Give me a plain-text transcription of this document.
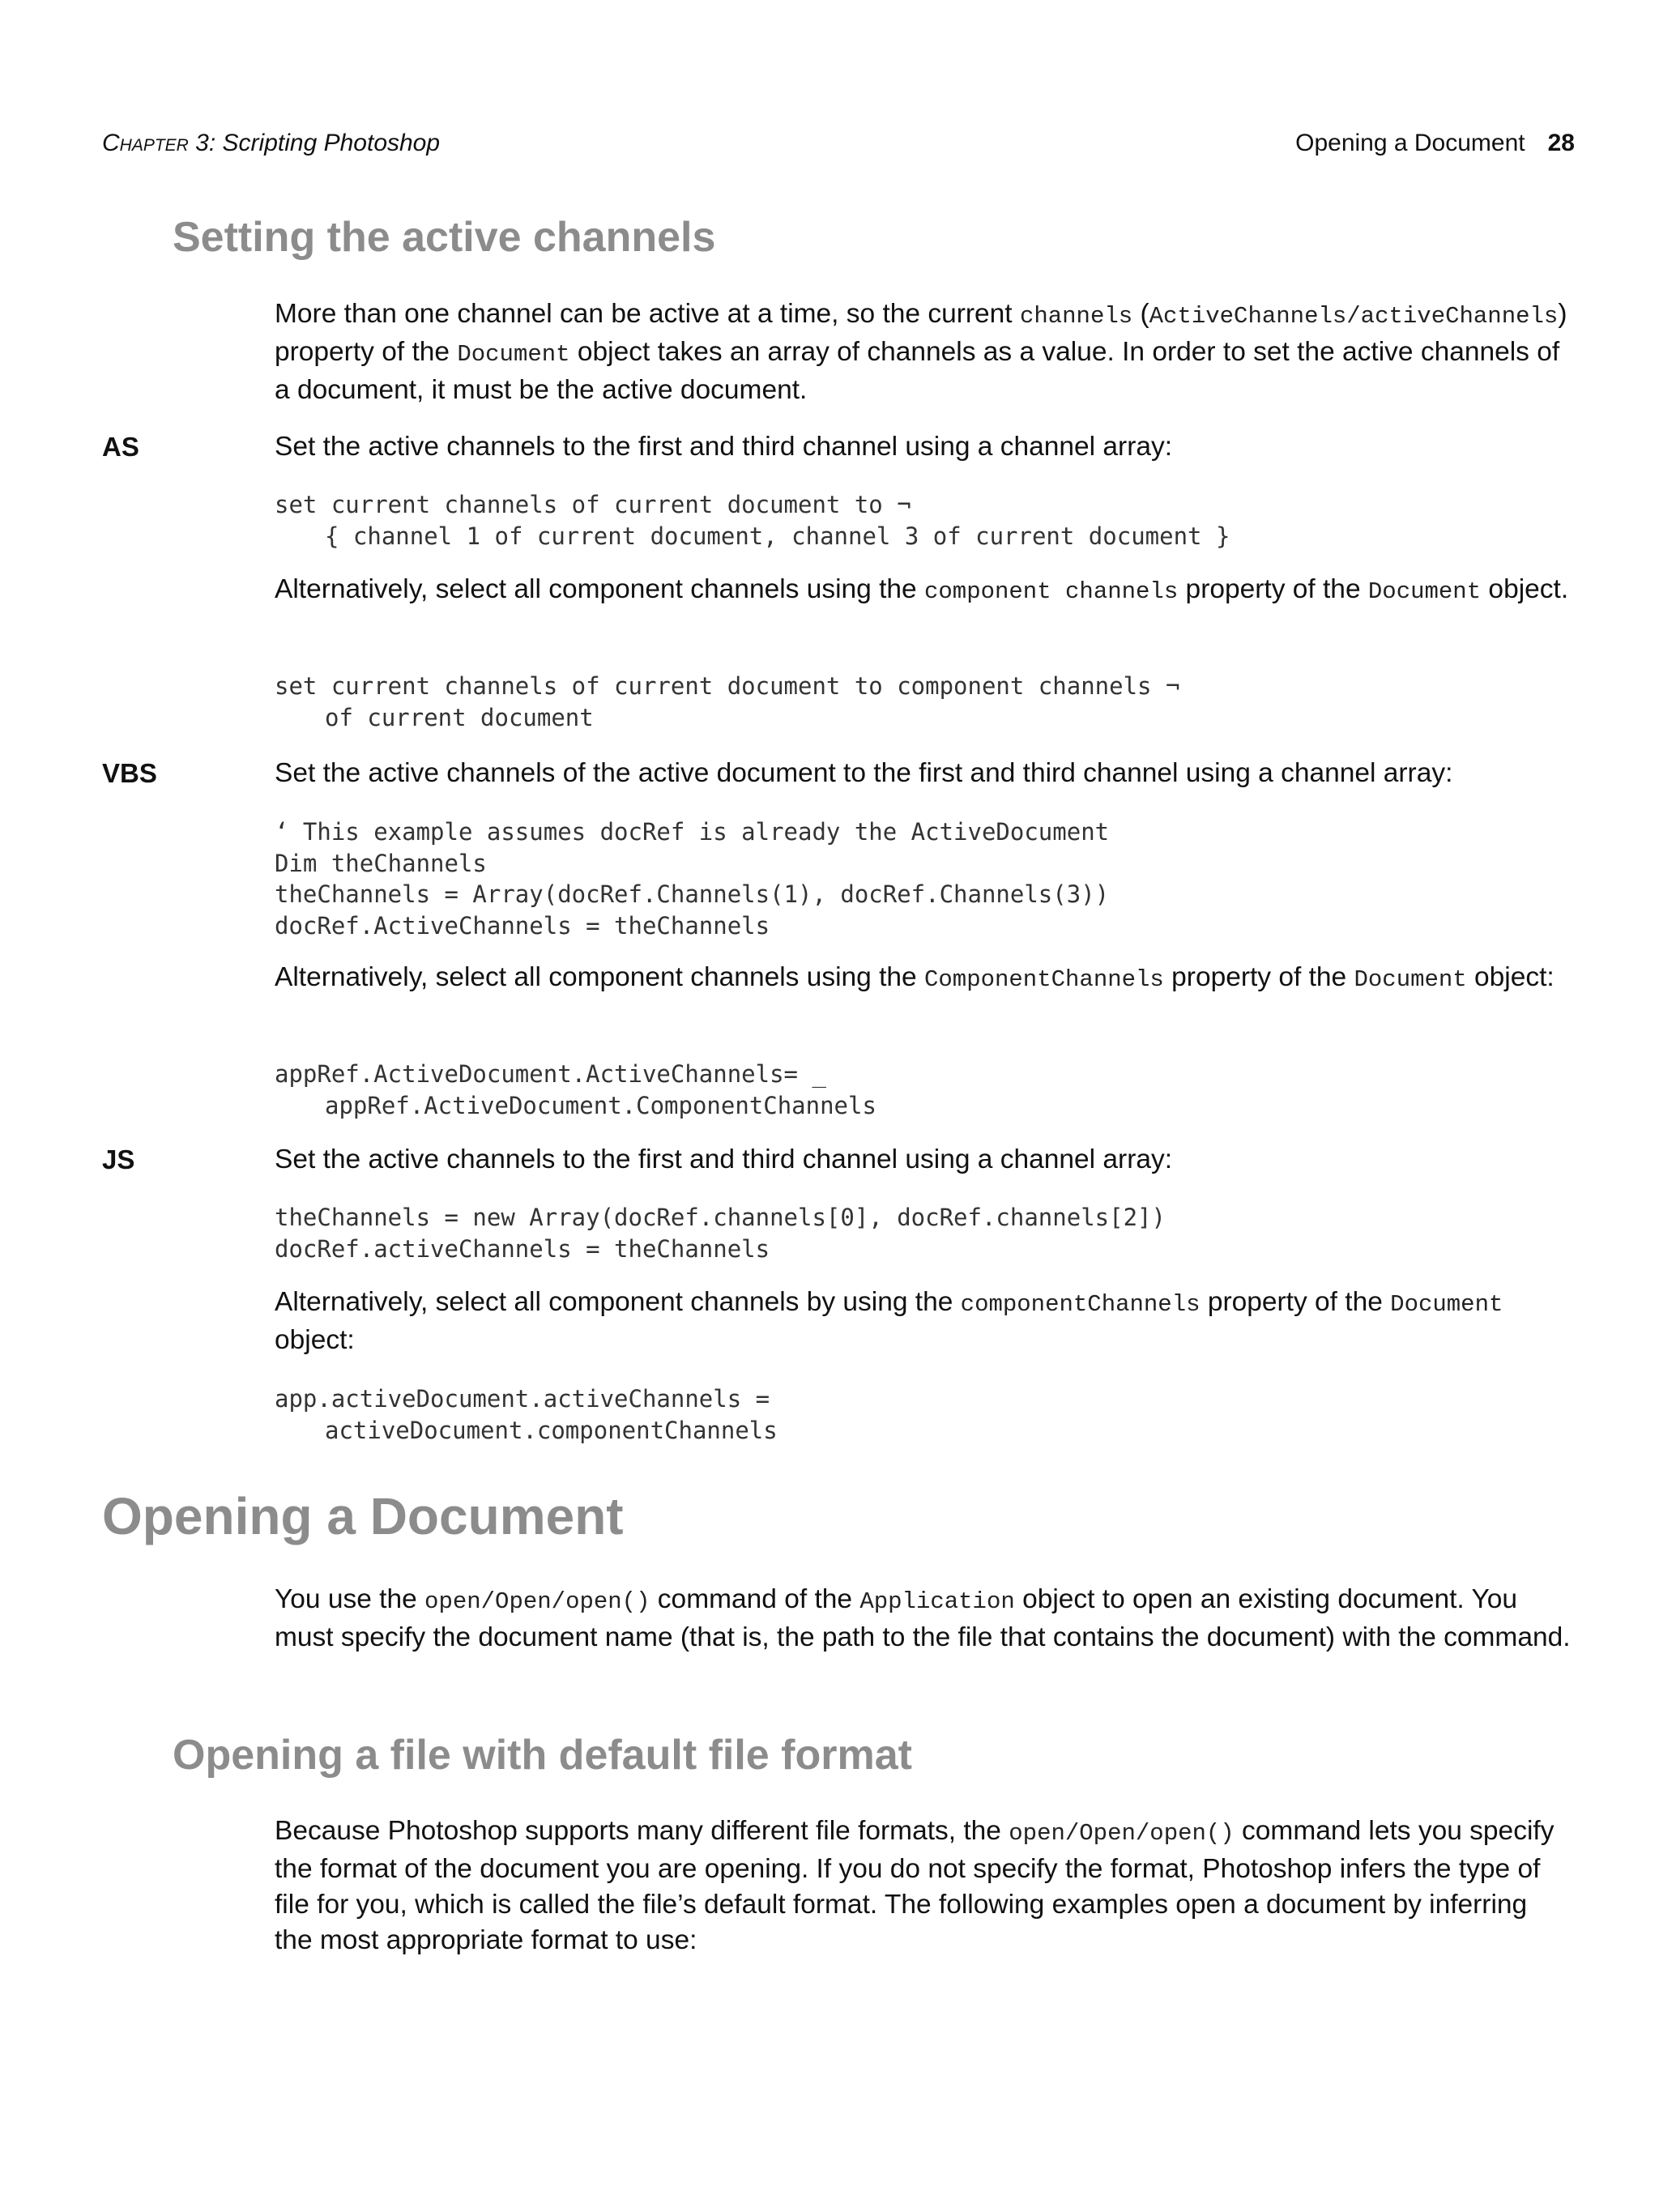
Chapter 3: Scripting Photoshop	Opening a Document 28
Setting the active channels

More than one channel can be active at a time, so the current channels (ActiveChannels/activeChannels) property of the Document object takes an array of channels as a value. In order to set the active channels of a document, it must be the active document.

AS	Set the active channels to the first and third channel using a channel array:

set current channels of current document to ¬
{ channel 1 of current document, channel 3 of current document }

Alternatively, select all component channels using the component channels property of the Document object.

set current channels of current document to component channels ¬
of current document
VBS	Set the active channels of the active document to the first and third channel using a channel array:

‘ This example assumes docRef is already the ActiveDocument
Dim theChannels
theChannels = Array(docRef.Channels(1), docRef.Channels(3))
docRef.ActiveChannels = theChannels

Alternatively, select all component channels using the ComponentChannels property of the Document object:

appRef.ActiveDocument.ActiveChannels= _
appRef.ActiveDocument.ComponentChannels
JS	Set the active channels to the first and third channel using a channel array:

theChannels = new Array(docRef.channels[0], docRef.channels[2])
docRef.activeChannels = theChannels

Alternatively, select all component channels by using the componentChannels property of the Document object:

app.activeDocument.activeChannels =
activeDocument.componentChannels
Opening a Document

You use the open/Open/open() command of the Application object to open an existing document. You must specify the document name (that is, the path to the file that contains the document) with the command.

Opening a file with default file format

Because Photoshop supports many different file formats, the open/Open/open() command lets you specify the format of the document you are opening. If you do not specify the format, Photoshop infers the type of file for you, which is called the file’s default format. The following examples open a document by inferring the most appropriate format to use:
